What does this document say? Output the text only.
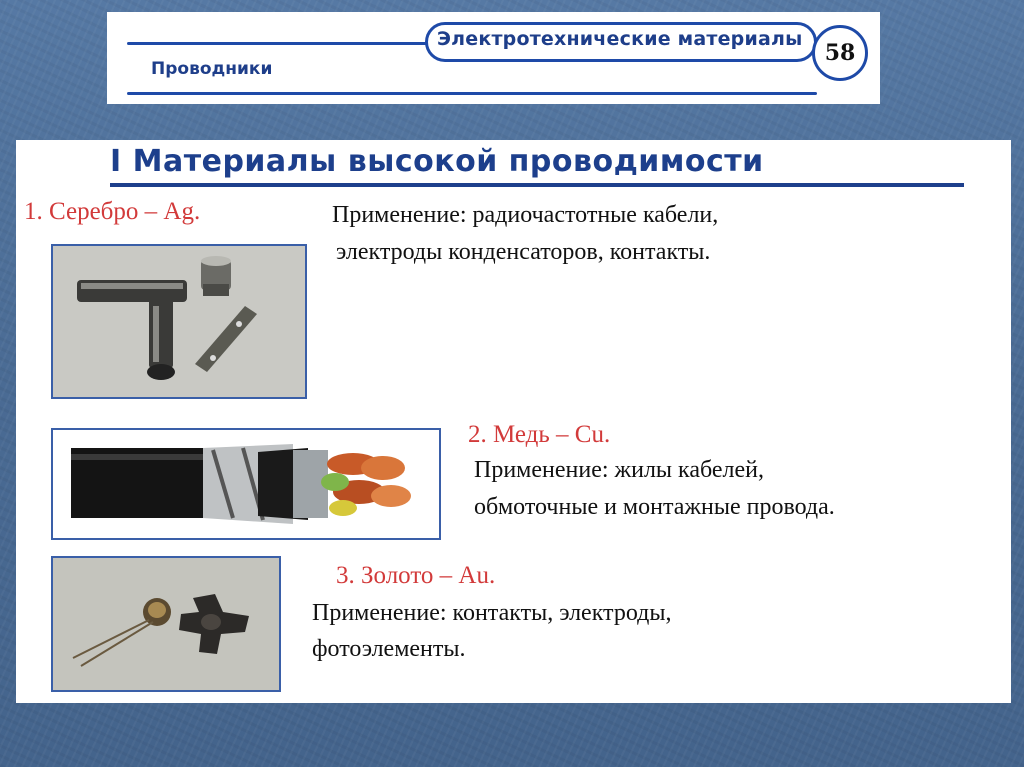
Электротехнические материалы
Проводники
58
I Материалы высокой проводимости
1. Серебро – Ag.	Применение: радиочастотные кабели,
электроды конденсаторов, контакты.
2. Медь – Cu.
Применение: жилы кабелей,
обмоточные и монтажные провода.
3. Золото – Au.
Применение: контакты, электроды,
фотоэлементы.
